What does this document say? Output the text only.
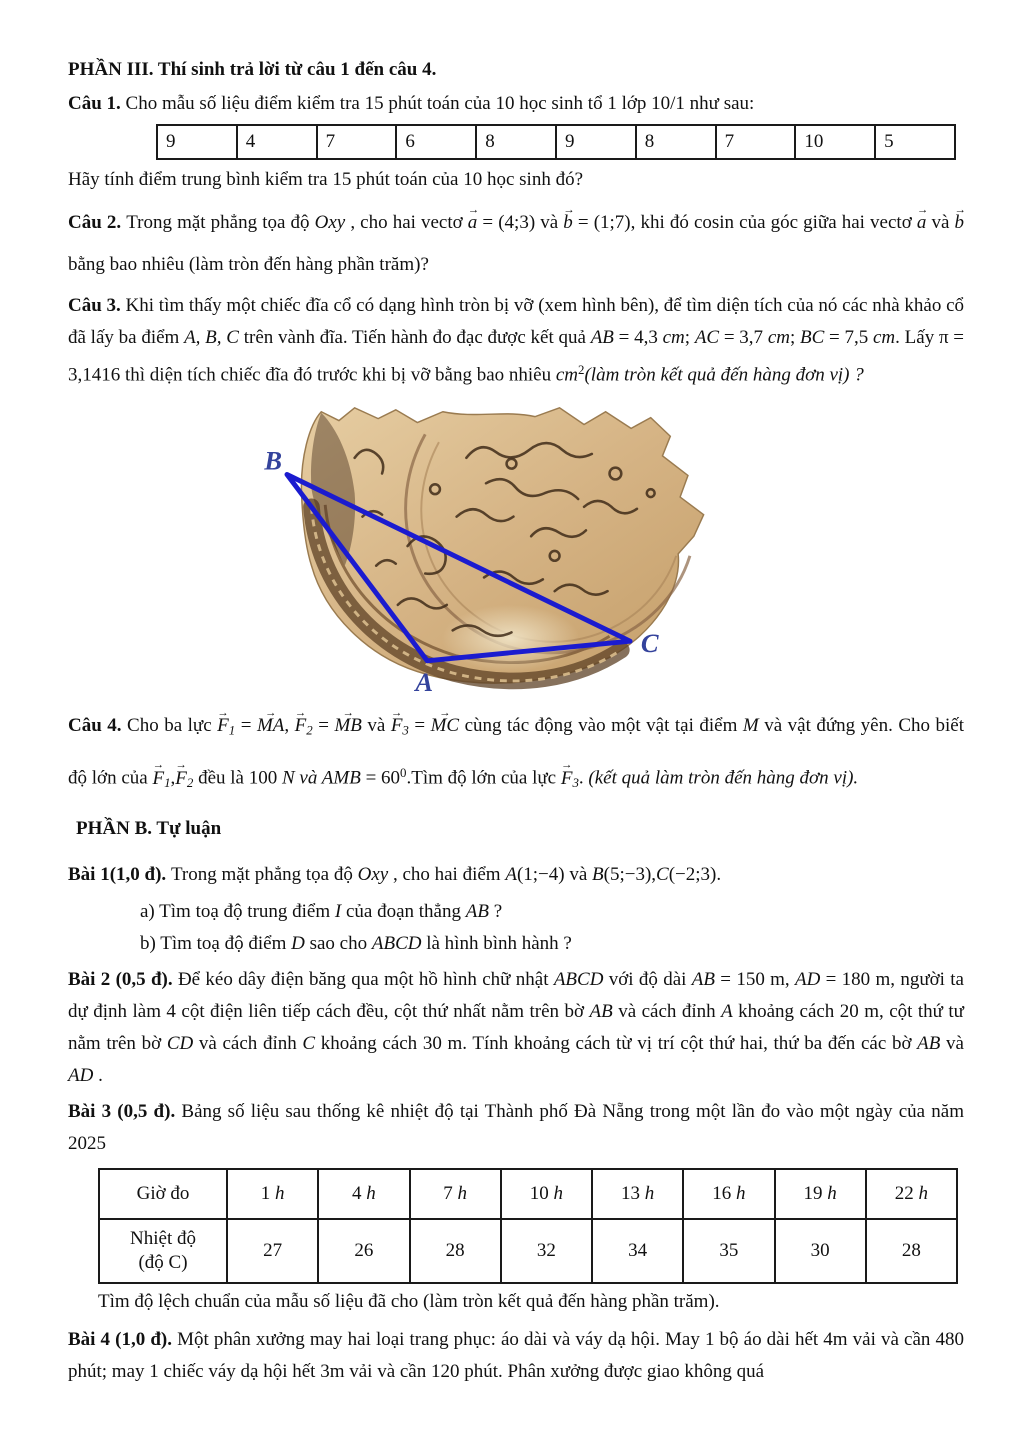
PHẦN III. Thí sinh trả lời từ câu 1 đến câu 4.

Câu 1. Cho mẫu số liệu điểm kiểm tra 15 phút toán của 10 học sinh tổ 1 lớp 10/1 như sau:

9	4	7	6	8	9	8	7	10	5

Hãy tính điểm trung bình kiểm tra 15 phút toán của 10 học sinh đó?

Câu 2. Trong mặt phẳng tọa độ Oxy , cho hai vectơ a → = (4;3) và b → = (1;7), khi đó cosin của góc giữa hai vectơ a → và b → bằng bao nhiêu (làm tròn đến hàng phần trăm)?

Câu 3. Khi tìm thấy một chiếc đĩa cổ có dạng hình tròn bị vỡ (xem hình bên), để tìm diện tích của nó các nhà khảo cổ đã lấy ba điểm A, B, C trên vành đĩa. Tiến hành đo đạc được kết quả AB = 4,3 cm; AC = 3,7 cm; BC = 7,5 cm. Lấy π = 3,1416 thì diện tích chiếc đĩa đó trước khi bị vỡ bằng bao nhiêu $cm^2(làm$ tròn kết quả đến hàng đơn vị) ?

B
A
C

Câu 4. Cho ba lực $F \to_1$ = MA →, $F \to_2$ = MB → và $F \to_3$ = MC → cùng tác động vào một vật tại điểm M và vật đứng yên. Cho biết độ lớn của $F \to_1,F \to_2$ đều là 100 N và AMB = $60^0.Tìm$ độ lớn của lực $F \to_3$. (kết quả làm tròn đến hàng đơn vị).

PHẦN B. Tự luận

Bài 1(1,0 đ). Trong mặt phẳng tọa độ Oxy , cho hai điểm A(1;−4) và B(5;−3),C(−2;3).

a) Tìm toạ độ trung điểm I của đoạn thẳng AB ?

b) Tìm toạ độ điểm D sao cho ABCD là hình bình hành ?

Bài 2 (0,5 đ). Để kéo dây điện băng qua một hồ hình chữ nhật ABCD với độ dài AB = 150 m, AD = 180 m, người ta dự định làm 4 cột điện liên tiếp cách đều, cột thứ nhất nằm trên bờ AB và cách đỉnh A khoảng cách 20 m, cột thứ tư nằm trên bờ CD và cách đỉnh C khoảng cách 30 m. Tính khoảng cách từ vị trí cột thứ hai, thứ ba đến các bờ AB và AD .

Bài 3 (0,5 đ). Bảng số liệu sau thống kê nhiệt độ tại Thành phố Đà Nẵng trong một lần đo vào một ngày của năm 2025

Giờ đo	1 h	4 h	7 h	10 h	13 h	16 h	19 h	22 h

Nhiệt độ
(độ C)	27	26	28	32	34	35	30	28

Tìm độ lệch chuẩn của mẫu số liệu đã cho (làm tròn kết quả đến hàng phần trăm).

Bài 4 (1,0 đ). Một phân xưởng may hai loại trang phục: áo dài và váy dạ hội. May 1 bộ áo dài hết 4m vải và cần 480 phút; may 1 chiếc váy dạ hội hết 3m vải và cần 120 phút. Phân xưởng được giao không quá
